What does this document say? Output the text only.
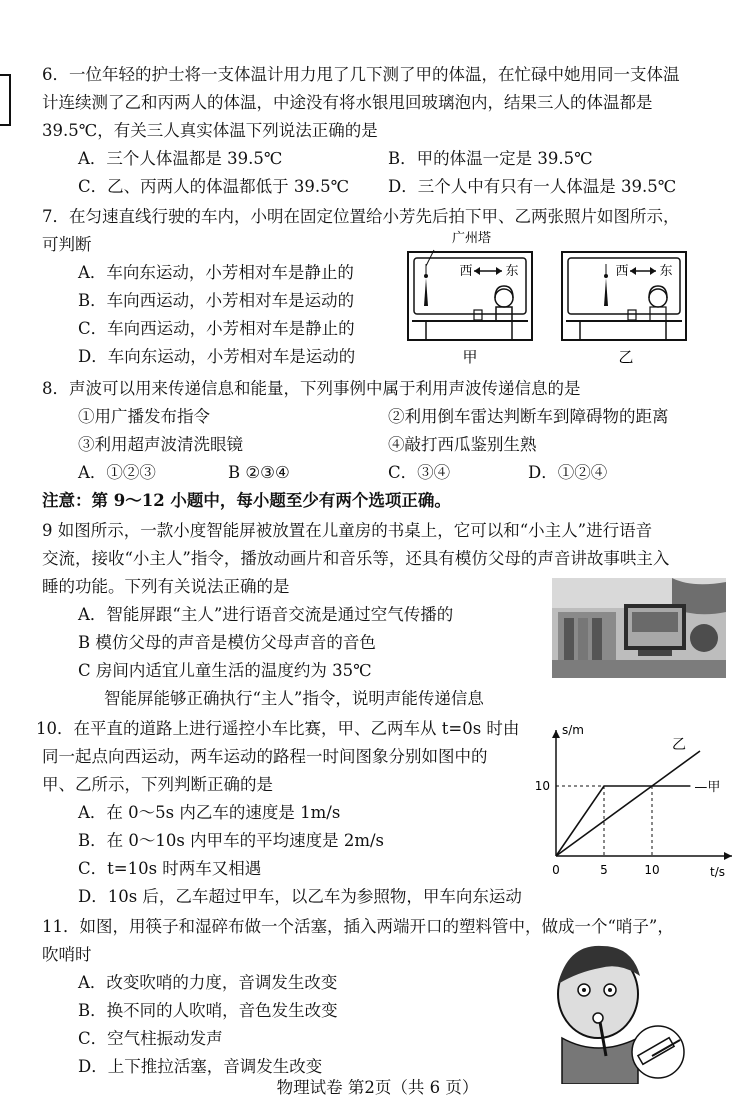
6．一位年轻的护士将一支体温计用力甩了几下测了甲的体温，在忙碌中她用同一支体温
计连续测了乙和丙两人的体温，中途没有将水银甩回玻璃泡内，结果三人的体温都是
39.5℃，有关三人真实体温下列说法正确的是
A．三个人体温都是 39.5℃	B．甲的体温一定是 39.5℃
C．乙、丙两人的体温都低于 39.5℃ D．三个人中有只有一人体温是 39.5℃
7．在匀速直线行驶的车内，小明在固定位置给小芳先后拍下甲、乙两张照片如图所示，
可判断
A．车向东运动，小芳相对车是静止的
B．车向西运动，小芳相对车是运动的
C．车向西运动，小芳相对车是静止的
D．车向东运动，小芳相对车是运动的
西	东
广州塔
甲
西 东
乙
8．声波可以用来传递信息和能量，下列事例中属于利用声波传递信息的是
①用广播发布指令	②利用倒车雷达判断车到障碍物的距离
③利用超声波清洗眼镜	④敲打西瓜鉴别生熟
A．①②③	B ②③④	C．③④	D．①②④
注意：第 9～12 小题中，每小题至少有两个选项正确。
9 如图所示，一款小度智能屏被放置在儿童房的书桌上，它可以和“小主人”进行语音
交流，接收“小主人”指令，播放动画片和音乐等，还具有模仿父母的声音讲故事哄主入
睡的功能。下列有关说法正确的是
A．智能屏跟“主人”进行语音交流是通过空气传播的
B 模仿父母的声音是模仿父母声音的音色
C 房间内适宜儿童生活的温度约为 35℃
智能屏能够正确执行“主人”指令，说明声能传递信息
10．在平直的道路上进行遥控小车比赛，甲、乙两车从 t=0s 时由
同一起点向西运动，两车运动的路程一时间图象分别如图中的
甲、乙所示，下列判断正确的是
A．在 0～5s 内乙车的速度是 1m/s
B．在 0～10s 内甲车的平均速度是 2m/s
C．t=10s 时两车又相遇
D．10s 后，乙车超过甲车，以乙车为参照物，甲车向东运动
—甲
乙
s/m
t/s
0	5	10
10
11．如图，用筷子和湿碎布做一个活塞，插入两端开口的塑料管中，做成一个“哨子”，
吹哨时
A．改变吹哨的力度，音调发生改变
B．换不同的人吹哨，音色发生改变
C．空气柱振动发声
D．上下推拉活塞，音调发生改变
物理试卷 第2页（共 6 页）
